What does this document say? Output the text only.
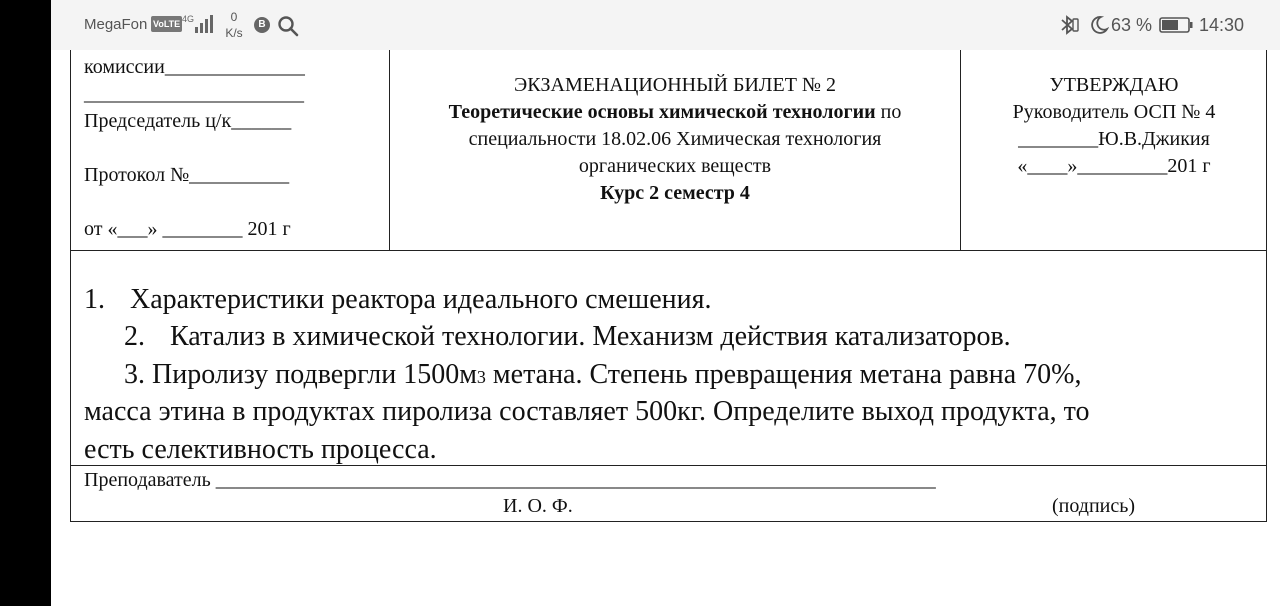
MegaFon VoLTE 4G	0
K/s
B	63 %	14:30
комиссии______________
______________________
Председатель ц/к______
Протокол №__________
от «___» ________ 201 г
ЭКЗАМЕНАЦИОННЫЙ БИЛЕТ № 2
Теоретические основы химической технологии по
специальности 18.02.06 Химическая технология
органических веществ
Курс 2 семестр 4
УТВЕРЖДАЮ
Руководитель ОСП № 4
________Ю.В.Джикия
«____»_________201 г
1. Характеристики реактора идеального смешения.
2. Катализ в химической технологии. Механизм действия катализаторов.
3. Пиролизу подвергли 1500м3 метана. Степень превращения метана равна 70%,
масса этина в продуктах пиролиза составляет 500кг. Определите выход продукта, то
есть селективность процесса.
Преподаватель ________________________________________________________________________
И. О. Ф.	(подпись)
